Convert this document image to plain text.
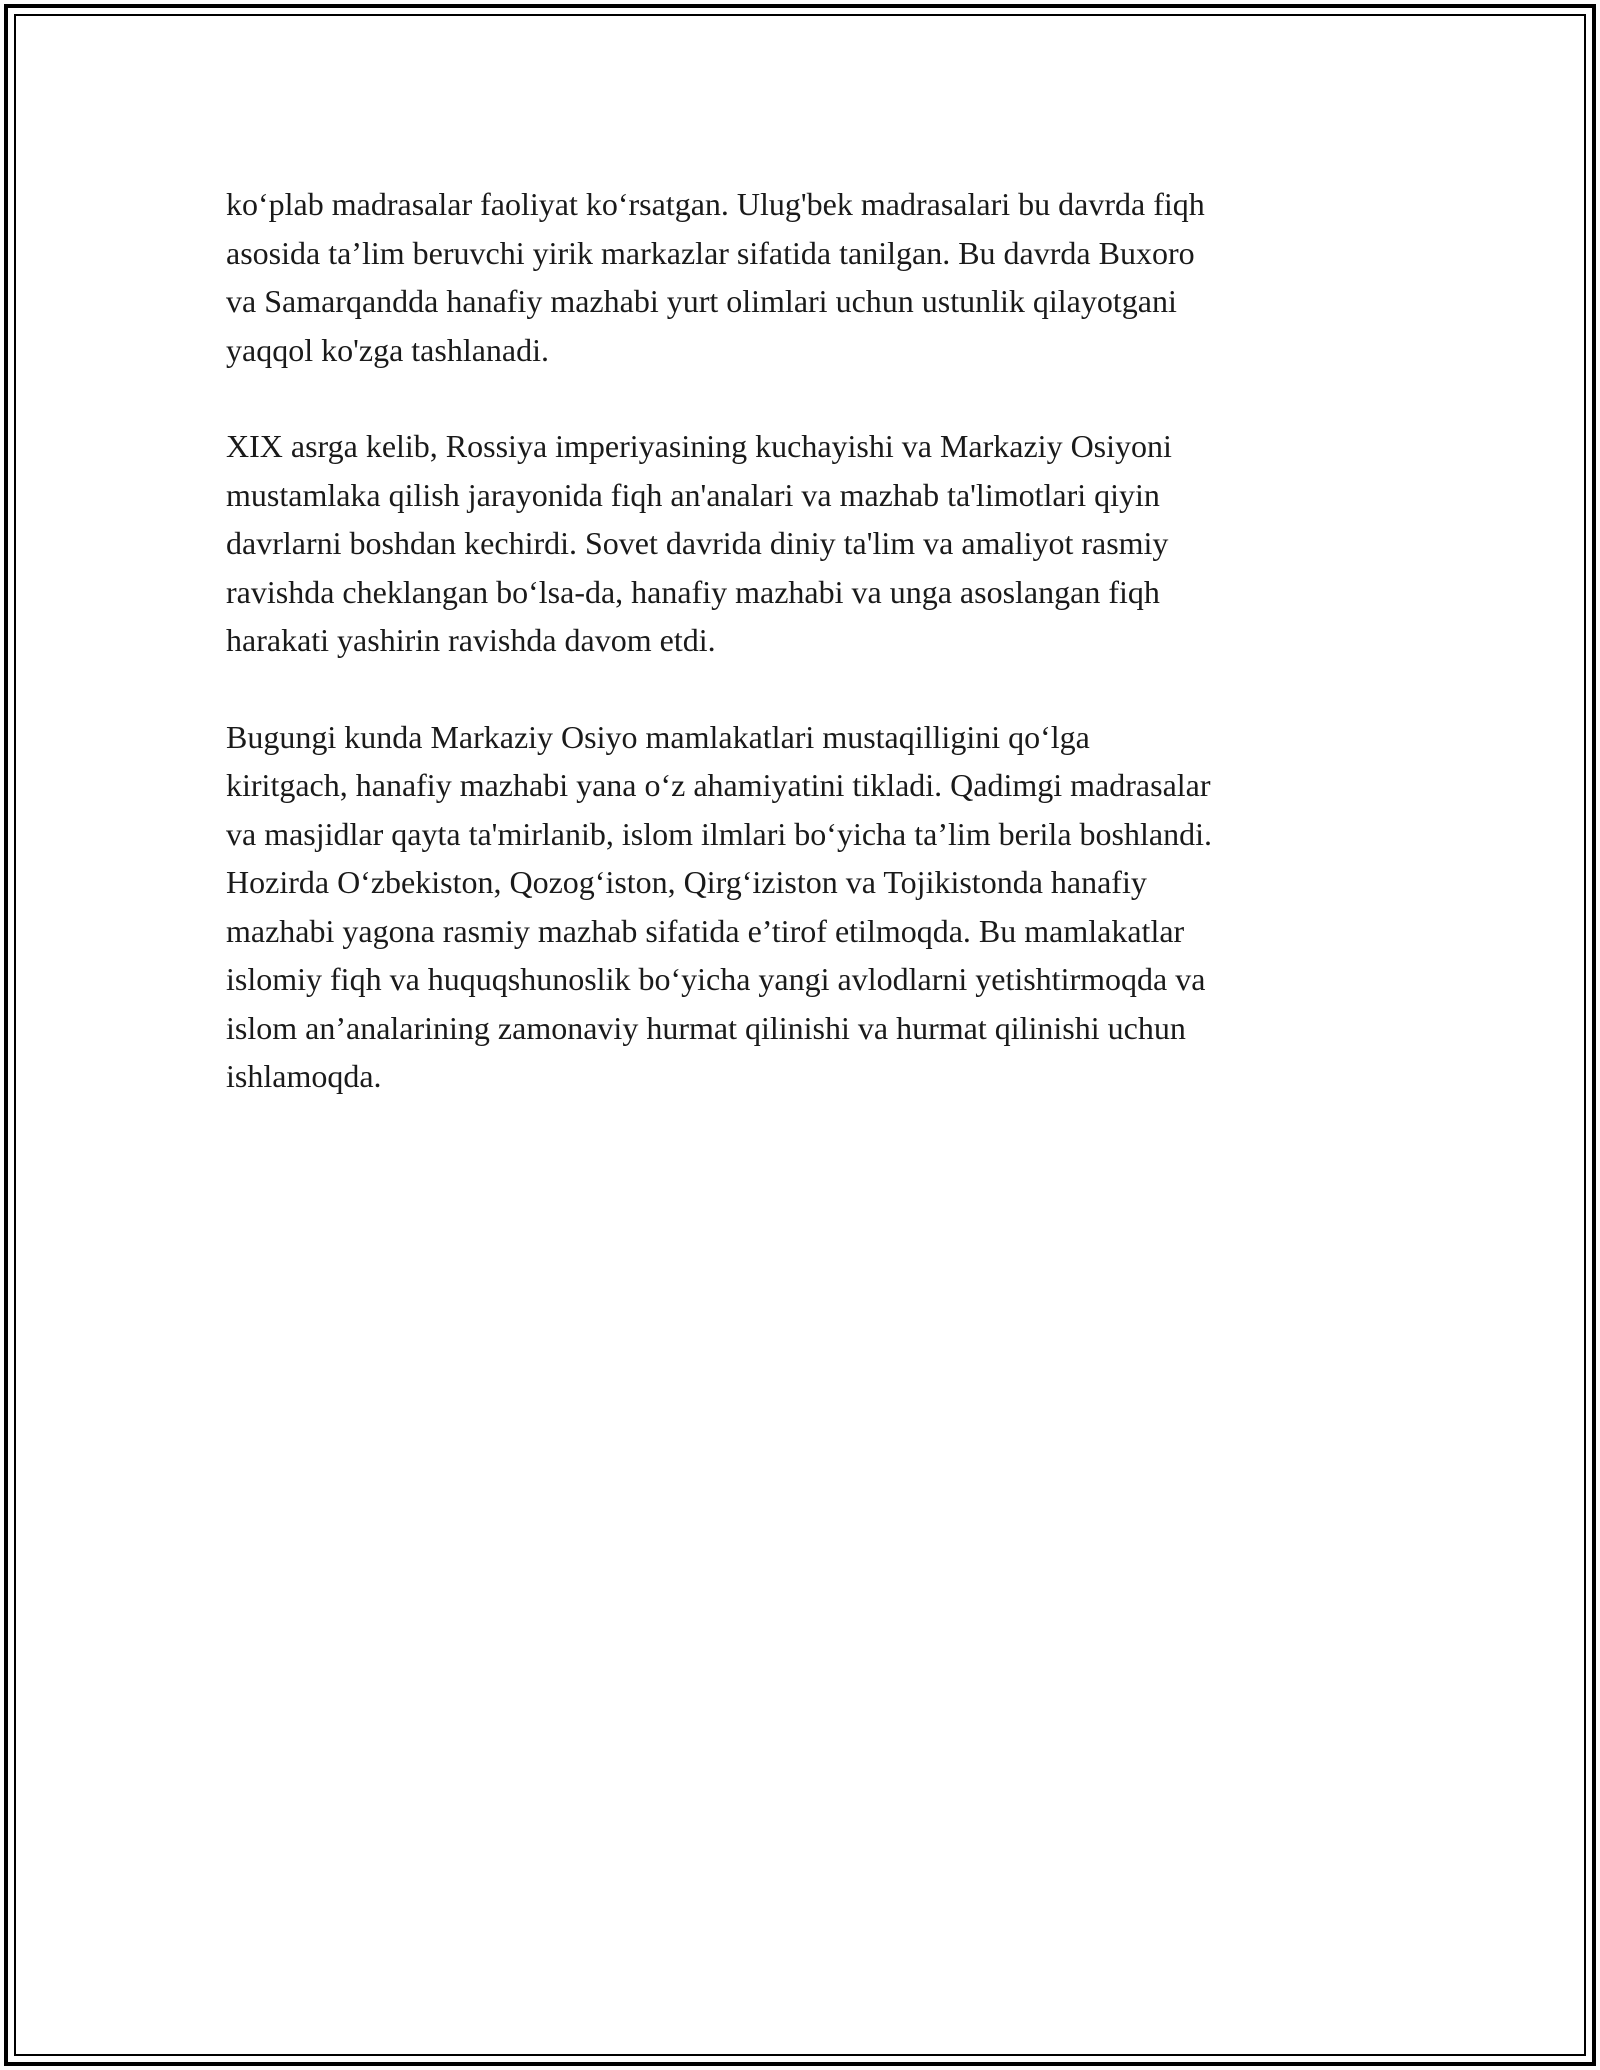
ko‘plab madrasalar faoliyat ko‘rsatgan. Ulug'bek madrasalari bu davrda fiqh
asosida ta’lim beruvchi yirik markazlar sifatida tanilgan. Bu davrda Buxoro
va Samarqandda hanafiy mazhabi yurt olimlari uchun ustunlik qilayotgani
yaqqol ko'zga tashlanadi.

XIX asrga kelib, Rossiya imperiyasining kuchayishi va Markaziy Osiyoni
mustamlaka qilish jarayonida fiqh an'analari va mazhab ta'limotlari qiyin
davrlarni boshdan kechirdi. Sovet davrida diniy ta'lim va amaliyot rasmiy
ravishda cheklangan bo‘lsa-da, hanafiy mazhabi va unga asoslangan fiqh
harakati yashirin ravishda davom etdi.

Bugungi kunda Markaziy Osiyo mamlakatlari mustaqilligini qo‘lga
kiritgach, hanafiy mazhabi yana o‘z ahamiyatini tikladi. Qadimgi madrasalar
va masjidlar qayta ta'mirlanib, islom ilmlari bo‘yicha ta’lim berila boshlandi.
Hozirda O‘zbekiston, Qozog‘iston, Qirg‘iziston va Tojikistonda hanafiy
mazhabi yagona rasmiy mazhab sifatida e’tirof etilmoqda. Bu mamlakatlar
islomiy fiqh va huquqshunoslik bo‘yicha yangi avlodlarni yetishtirmoqda va
islom an’analarining zamonaviy hurmat qilinishi va hurmat qilinishi uchun
ishlamoqda.
